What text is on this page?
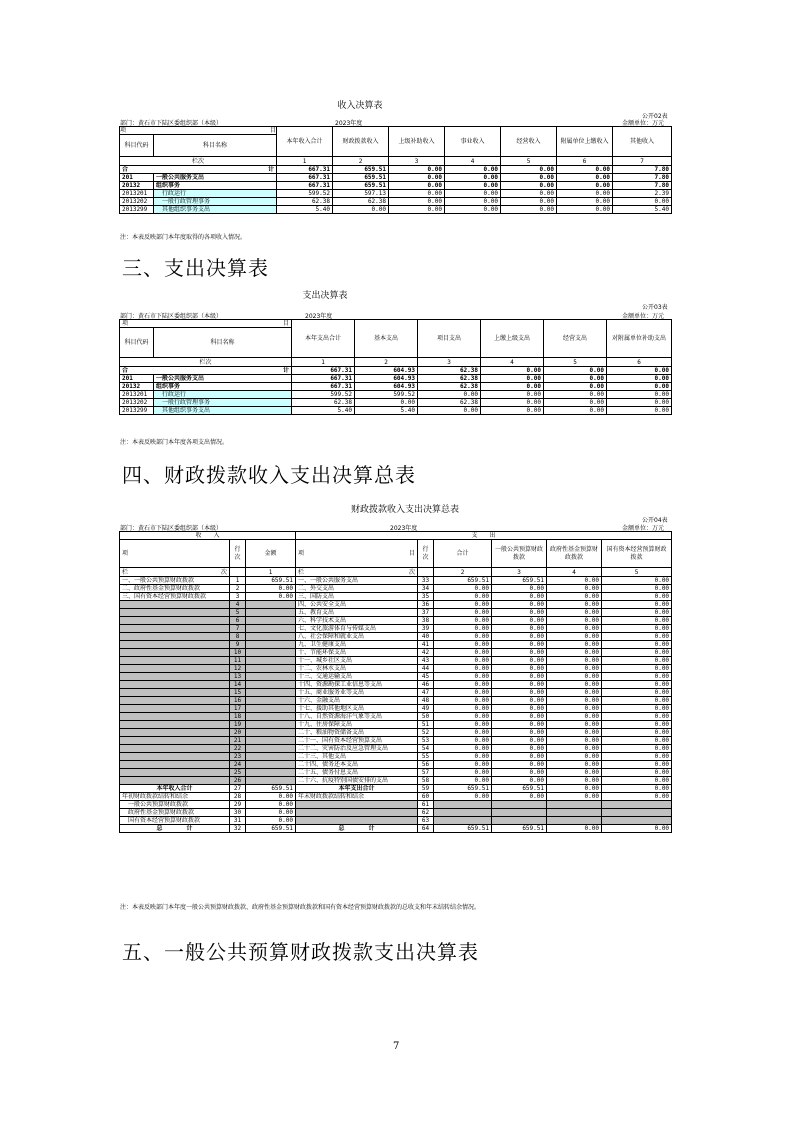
收入决算表
公开02表
部门：黄石市下陆区委组织部（本级）	2023年度	金额单位：万元
项 目		本年收入合计	财政拨款收入	上级补助收入	事业收入	经营收入	附属单位上缴收入	其他收入
科目代码	科目名称							
栏次		1	2	3	4	5	6	7
合 计		667.31	659.51	0.00	0.00	0.00	0.00	7.80
201	一般公共服务支出	667.31	659.51	0.00	0.00	0.00	0.00	7.80
20132	组织事务	667.31	659.51	0.00	0.00	0.00	0.00	7.80
2013201	行政运行	599.52	597.13	0.00	0.00	0.00	0.00	2.39
2013202	一般行政管理事务	62.38	62.38	0.00	0.00	0.00	0.00	0.00
2013299	其他组织事务支出	5.40	0.00	0.00	0.00	0.00	0.00	5.40
注：本表反映部门本年度取得的各项收入情况。
三、支出决算表
支出决算表
公开03表
部门：黄石市下陆区委组织部（本级）	2023年度	金额单位：万元
项 目		本年支出合计	基本支出	项目支出	上缴上级支出	经营支出	对附属单位补助支出
科目代码	科目名称						
栏次		1	2	3	4	5	6
合 计		667.31	604.93	62.38	0.00	0.00	0.00
201	一般公共服务支出	667.31	604.93	62.38	0.00	0.00	0.00
20132	组织事务	667.31	604.93	62.38	0.00	0.00	0.00
2013201	行政运行	599.52	599.52	0.00	0.00	0.00	0.00
2013202	一般行政管理事务	62.38	0.00	62.38	0.00	0.00	0.00
2013299	其他组织事务支出	5.40	5.40	0.00	0.00	0.00	0.00
注：本表反映部门本年度各项支出情况。
四、财政拨款收入支出决算总表
财政拨款收入支出决算总表
公开04表
部门：黄石市下陆区委组织部（本级）	2023年度	金额单位：万元
收　　入			支　　出					
项	行次	金额	项 目	行次	合计	一般公共预算财政拨款	政府性基金预算财政拨款	国有资本经营预算财政拨款
栏 次		1	栏 次		2	3	4	5
一、一般公共预算财政拨款	1	659.51	一、一般公共服务支出	33	659.51	659.51	0.00	0.00
二、政府性基金预算财政拨款	2	0.00	二、外交支出	34	0.00	0.00	0.00	0.00
三、国有资本经营预算财政拨款	3	0.00	三、国防支出	35	0.00	0.00	0.00	0.00
	4		四、公共安全支出	36	0.00	0.00	0.00	0.00
	5		五、教育支出	37	0.00	0.00	0.00	0.00
	6		六、科学技术支出	38	0.00	0.00	0.00	0.00
	7		七、文化旅游体育与传媒支出	39	0.00	0.00	0.00	0.00
	8		八、社会保障和就业支出	40	0.00	0.00	0.00	0.00
	9		九、卫生健康支出	41	0.00	0.00	0.00	0.00
	10		十、节能环保支出	42	0.00	0.00	0.00	0.00
	11		十一、城乡社区支出	43	0.00	0.00	0.00	0.00
	12		十二、农林水支出	44	0.00	0.00	0.00	0.00
	13		十三、交通运输支出	45	0.00	0.00	0.00	0.00
	14		十四、资源勘探工业信息等支出	46	0.00	0.00	0.00	0.00
	15		十五、商业服务业等支出	47	0.00	0.00	0.00	0.00
	16		十六、金融支出	48	0.00	0.00	0.00	0.00
	17		十七、援助其他地区支出	49	0.00	0.00	0.00	0.00
	18		十八、自然资源海洋气象等支出	50	0.00	0.00	0.00	0.00
	19		十九、住房保障支出	51	0.00	0.00	0.00	0.00
	20		二十、粮油物资储备支出	52	0.00	0.00	0.00	0.00
	21		二十一、国有资本经营预算支出	53	0.00	0.00	0.00	0.00
	22		二十二、灾害防治及应急管理支出	54	0.00	0.00	0.00	0.00
	23		二十三、其他支出	55	0.00	0.00	0.00	0.00
	24		二十四、债务还本支出	56	0.00	0.00	0.00	0.00
	25		二十五、债务付息支出	57	0.00	0.00	0.00	0.00
	26		二十六、抗疫特别国债安排的支出	58	0.00	0.00	0.00	0.00
本年收入合计	27	659.51	本年支出合计	59	659.51	659.51	0.00	0.00
年初财政拨款结转和结余	28	0.00	年末财政拨款结转和结余	60	0.00	0.00	0.00	0.00
　一般公共预算财政拨款	29	0.00		61				
　政府性基金预算财政拨款	30	0.00		62				
　国有资本经营预算财政拨款	31	0.00		63				
总　　　　计	32	659.51	总　　　　计	64	659.51	659.51	0.00	0.00
注：本表反映部门本年度一般公共预算财政拨款、政府性基金预算财政拨款和国有资本经营预算财政拨款的总收支和年末结转结余情况。
五、一般公共预算财政拨款支出决算表
7
